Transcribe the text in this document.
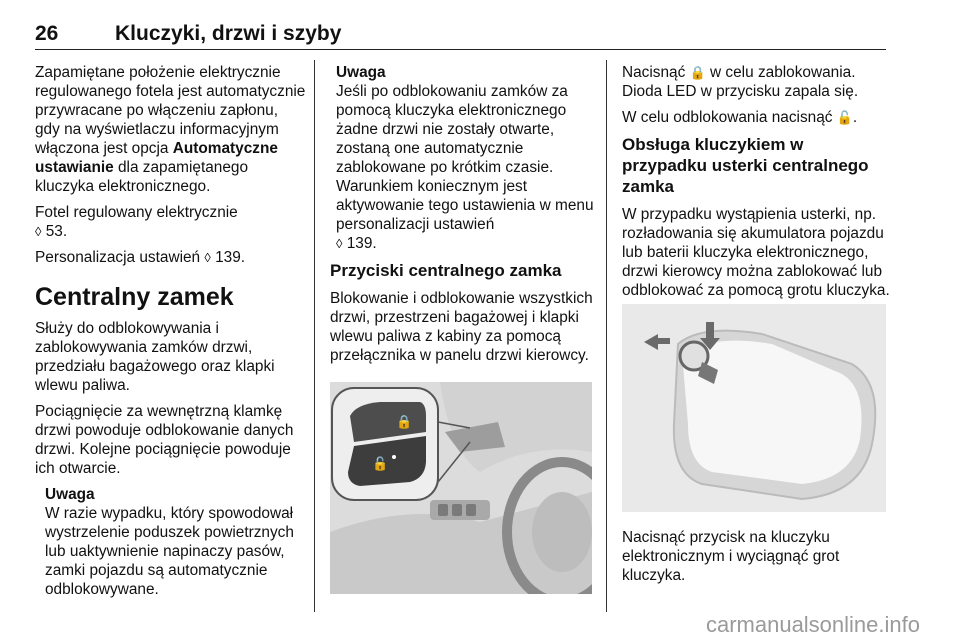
26	Kluczyki, drzwi i szyby

Zapamiętane położenie elektrycznie regulowanego fotela jest automatycznie przywracane po włączeniu zapłonu, gdy na wyświetlaczu informacyjnym włączona jest opcja Automatyczne ustawianie dla zapamiętanego kluczyka elektronicznego.

Fotel regulowany elektrycznie
◊ 53.

Personalizacja ustawień ◊ 139.

Centralny zamek

Służy do odblokowywania i zablokowywania zamków drzwi, przedziału bagażowego oraz klapki wlewu paliwa.

Pociągnięcie za wewnętrzną klamkę drzwi powoduje odblokowanie danych drzwi. Kolejne pociągnięcie powoduje ich otwarcie.

Uwaga
W razie wypadku, który spowodował wystrzelenie poduszek powietrznych lub uaktywnienie napinaczy pasów, zamki pojazdu są automatycznie odblokowywane.
Uwaga
Jeśli po odblokowaniu zamków za pomocą kluczyka elektronicznego żadne drzwi nie zostały otwarte, zostaną one automatycznie zablokowane po krótkim czasie. Warunkiem koniecznym jest aktywowanie tego ustawienia w menu personalizacji ustawień
◊ 139.
Przyciski centralnego zamka

Blokowanie i odblokowanie wszystkich drzwi, przestrzeni bagażowej i klapki wlewu paliwa z kabiny za pomocą przełącznika w panelu drzwi kierowcy.

🔒
🔓

Nacisnąć 🔒 w celu zablokowania. Dioda LED w przycisku zapala się.

W celu odblokowania nacisnąć 🔓.

Obsługa kluczykiem w przypadku usterki centralnego zamka

W przypadku wystąpienia usterki, np. rozładowania się akumulatora pojazdu lub baterii kluczyka elektronicznego, drzwi kierowcy można zablokować lub odblokować za pomocą grotu kluczyka.

Nacisnąć przycisk na kluczyku elektronicznym i wyciągnąć grot kluczyka.

carmanualsonline.info
